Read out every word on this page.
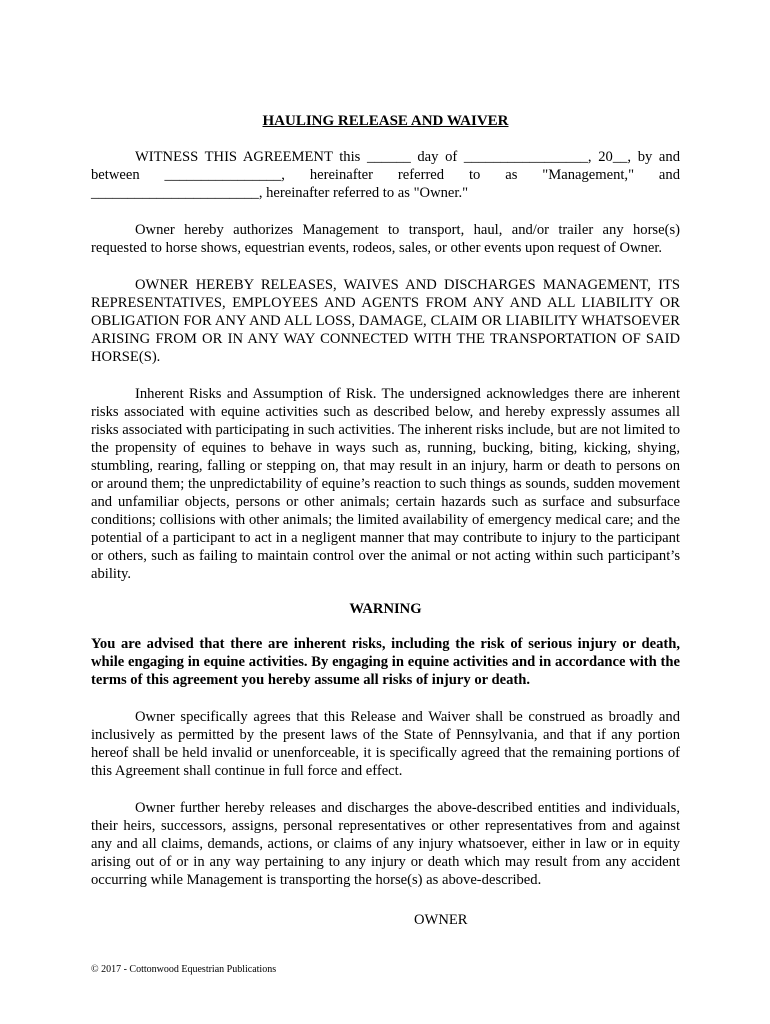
HAULING RELEASE AND WAIVER

WITNESS THIS AGREEMENT this ______ day of _________________, 20__, by and between ________________, hereinafter referred to as "Management," and _______________________, hereinafter referred to as "Owner."

Owner hereby authorizes Management to transport, haul, and/or trailer any horse(s) requested to horse shows, equestrian events, rodeos, sales, or other events upon request of Owner.

OWNER HEREBY RELEASES, WAIVES AND DISCHARGES MANAGEMENT, ITS REPRESENTATIVES, EMPLOYEES AND AGENTS FROM ANY AND ALL LIABILITY OR OBLIGATION FOR ANY AND ALL LOSS, DAMAGE, CLAIM OR LIABILITY WHATSOEVER ARISING FROM OR IN ANY WAY CONNECTED WITH THE TRANSPORTATION OF SAID HORSE(S).

Inherent Risks and Assumption of Risk. The undersigned acknowledges there are inherent risks associated with equine activities such as described below, and hereby expressly assumes all risks associated with participating in such activities. The inherent risks include, but are not limited to the propensity of equines to behave in ways such as, running, bucking, biting, kicking, shying, stumbling, rearing, falling or stepping on, that may result in an injury, harm or death to persons on or around them; the unpredictability of equine’s reaction to such things as sounds, sudden movement and unfamiliar objects, persons or other animals; certain hazards such as surface and subsurface conditions; collisions with other animals; the limited availability of emergency medical care; and the potential of a participant to act in a negligent manner that may contribute to injury to the participant or others, such as failing to maintain control over the animal or not acting within such participant’s ability.

WARNING

You are advised that there are inherent risks, including the risk of serious injury or death, while engaging in equine activities. By engaging in equine activities and in accordance with the terms of this agreement you hereby assume all risks of injury or death.

Owner specifically agrees that this Release and Waiver shall be construed as broadly and inclusively as permitted by the present laws of the State of Pennsylvania, and that if any portion hereof shall be held invalid or unenforceable, it is specifically agreed that the remaining portions of this Agreement shall continue in full force and effect.

Owner further hereby releases and discharges the above-described entities and individuals, their heirs, successors, assigns, personal representatives or other representatives from and against any and all claims, demands, actions, or claims of any injury whatsoever, either in law or in equity arising out of or in any way pertaining to any injury or death which may result from any accident occurring while Management is transporting the horse(s) as above-described.

OWNER
© 2017 - Cottonwood Equestrian Publications
